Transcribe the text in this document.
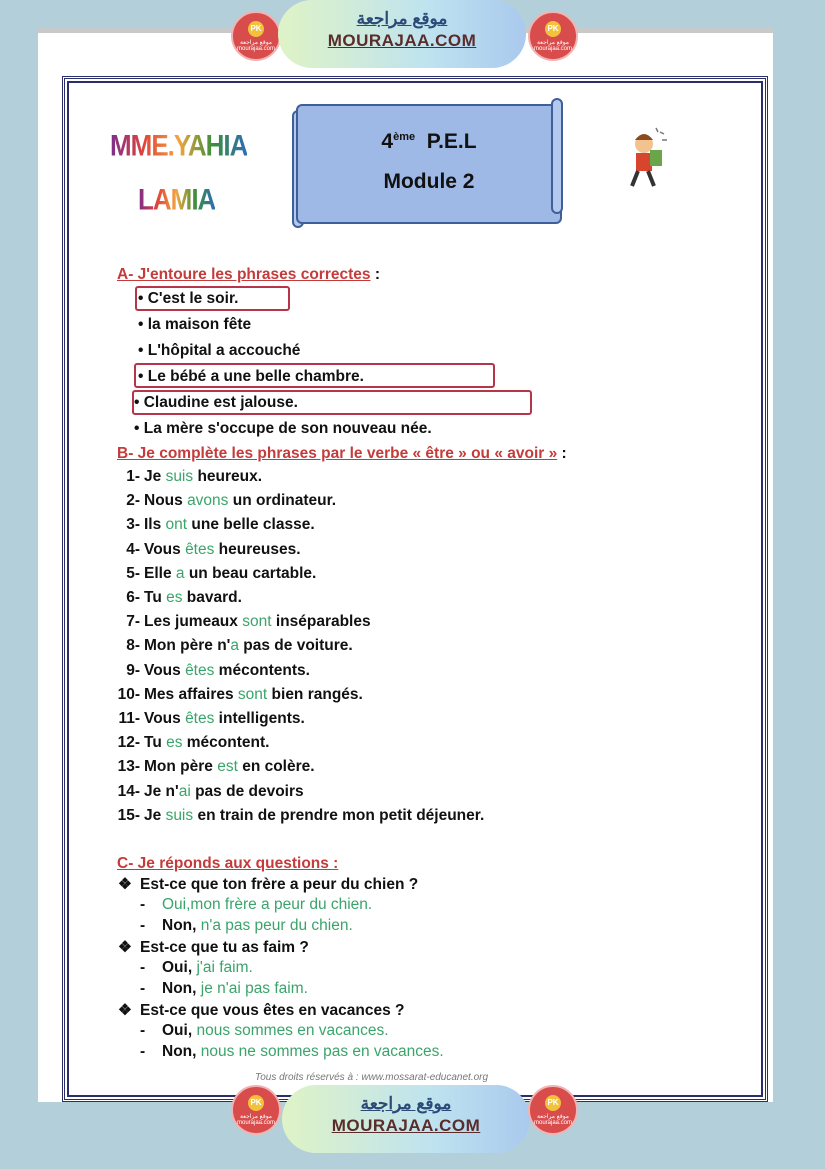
PK
موقع مراجعة mourajaa.com
موقع مراجعة
MOURAJAA.COM
PK
موقع مراجعة mourajaa.com
MME.YAHIA
LAMIA
4ème P.E.L
Module 2
A- J'entoure les phrases correctes :
• C'est le soir.
• la maison fête
• L'hôpital a accouché
• Le bébé a une belle chambre.
• Claudine est jalouse.
• La mère s'occupe de son nouveau née.
B- Je complète les phrases par le verbe « être » ou « avoir » :
1- Je suis heureux.
2- Nous avons un ordinateur.
3- Ils ont une belle classe.
4- Vous êtes heureuses.
5- Elle a un beau cartable.
6- Tu es bavard.
7- Les jumeaux sont inséparables
8- Mon père n'a pas de voiture.
9- Vous êtes mécontents.
10- Mes affaires sont bien rangés.
11- Vous êtes intelligents.
12- Tu es mécontent.
13- Mon père est en colère.
14- Je n'ai pas de devoirs
15- Je suis en train de prendre mon petit déjeuner.
C- Je réponds aux questions :
❖ Est-ce que ton frère a peur du chien ?
- Oui,mon frère a peur du chien.
- Non, n'a pas peur du chien.
❖ Est-ce que tu as faim ?
- Oui, j'ai faim.
- Non, je n'ai pas faim.
❖ Est-ce que vous êtes en vacances ?
- Oui, nous sommes en vacances.
- Non, nous ne sommes pas en vacances.
Tous droits réservés à : www.mossarat-educanet.org
PK
موقع مراجعة mourajaa.com
موقع مراجعة
MOURAJAA.COM
PK
موقع مراجعة mourajaa.com
